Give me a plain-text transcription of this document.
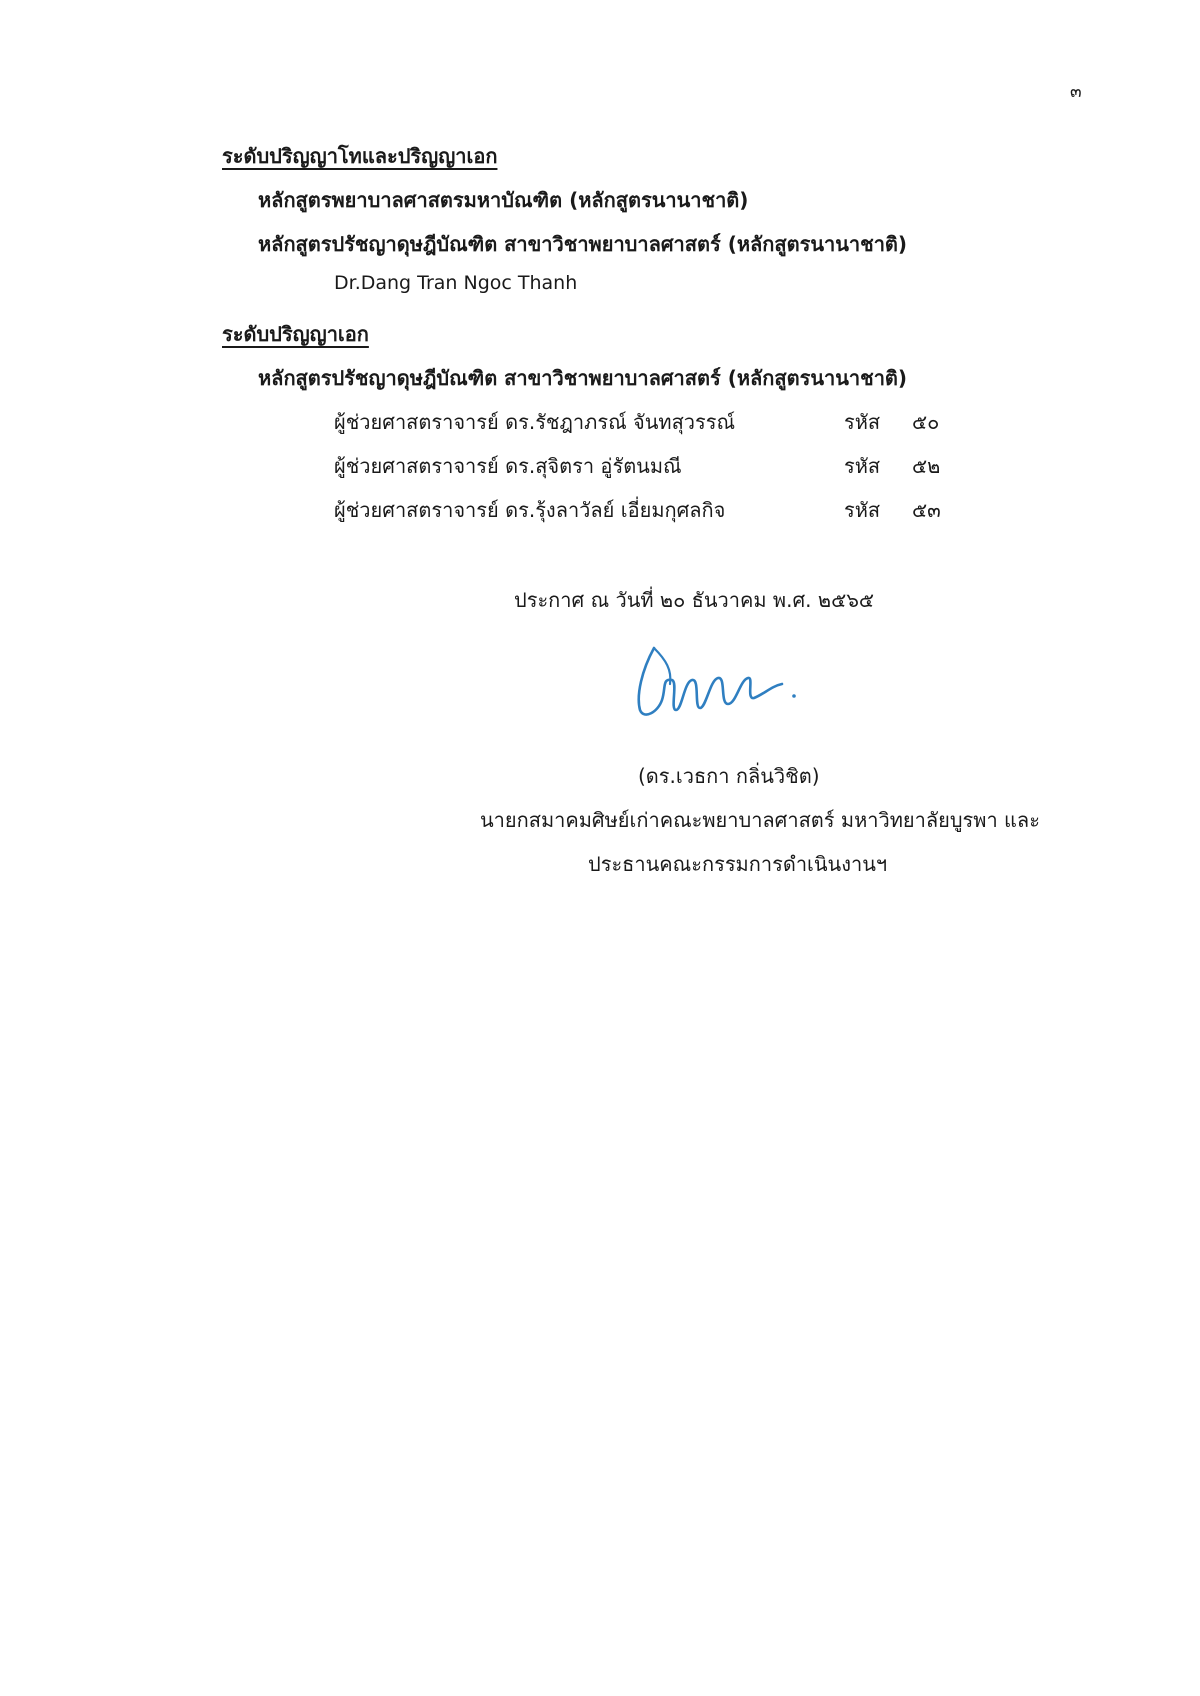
๓
ระดับปริญญาโทและปริญญาเอก
หลักสูตรพยาบาลศาสตรมหาบัณฑิต (หลักสูตรนานาชาติ)
หลักสูตรปรัชญาดุษฎีบัณฑิต สาขาวิชาพยาบาลศาสตร์ (หลักสูตรนานาชาติ)
Dr.Dang Tran Ngoc Thanh
ระดับปริญญาเอก
หลักสูตรปรัชญาดุษฎีบัณฑิต สาขาวิชาพยาบาลศาสตร์ (หลักสูตรนานาชาติ)
ผู้ช่วยศาสตราจารย์ ดร.รัชฎาภรณ์ จันทสุวรรณ์	รหัส ๕๐
ผู้ช่วยศาสตราจารย์ ดร.สุจิตรา อู่รัตนมณี	รหัส ๕๒
ผู้ช่วยศาสตราจารย์ ดร.รุ้งลาวัลย์ เอี่ยมกุศลกิจ	รหัส ๕๓
ประกาศ ณ วันที่ ๒๐ ธันวาคม พ.ศ. ๒๕๖๕
(ดร.เวธกา กลิ่นวิชิต)
นายกสมาคมศิษย์เก่าคณะพยาบาลศาสตร์ มหาวิทยาลัยบูรพา และ
ประธานคณะกรรมการดำเนินงานฯ
